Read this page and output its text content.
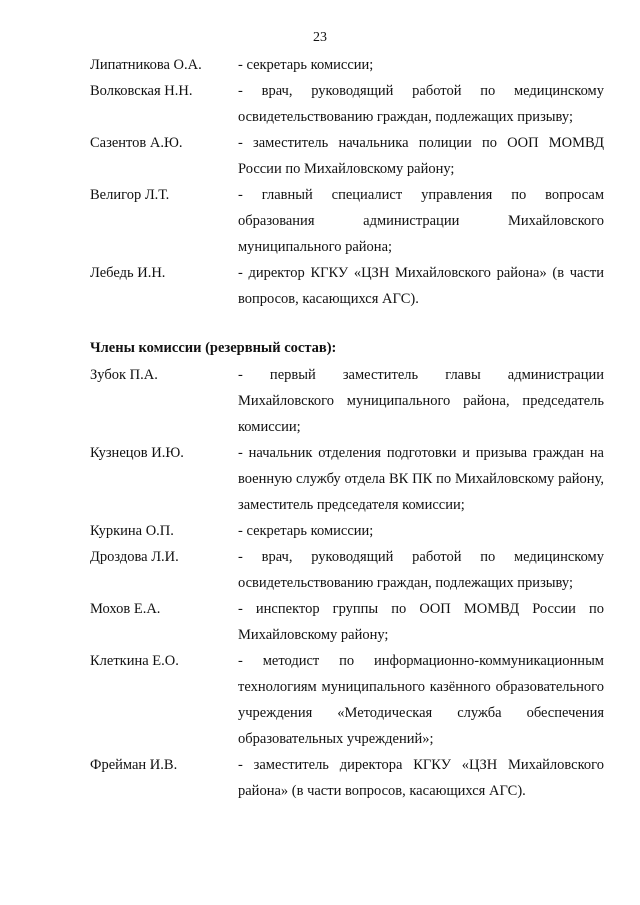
23
Липатникова О.А.	- секретарь комиссии;
Волковская Н.Н.	- врач, руководящий работой по медицинскому освидетельствованию граждан, подлежащих призыву;
Сазентов А.Ю.	- заместитель начальника полиции по ООП МОМВД России по Михайловскому району;
Велигор Л.Т.	- главный специалист управления по вопросам образования администрации Михайловского муниципального района;
Лебедь И.Н.	- директор КГКУ «ЦЗН Михайловского района» (в части вопросов, касающихся АГС).
Члены комиссии (резервный состав):
Зубок П.А.	- первый заместитель главы администрации Михайловского муниципального района, председатель комиссии;
Кузнецов И.Ю.	- начальник отделения подготовки и призыва граждан на военную службу отдела ВК ПК по Михайловскому району, заместитель председателя комиссии;
Куркина О.П.	- секретарь комиссии;
Дроздова Л.И.	- врач, руководящий работой по медицинскому освидетельствованию граждан, подлежащих призыву;
Мохов Е.А.	- инспектор группы по ООП МОМВД России по Михайловскому району;
Клеткина Е.О.	- методист по информационно-коммуникационным технологиям муниципального казённого образовательного учреждения «Методическая служба обеспечения образовательных учреждений»;
Фрейман И.В.	- заместитель директора КГКУ «ЦЗН Михайловского района» (в части вопросов, касающихся АГС).
